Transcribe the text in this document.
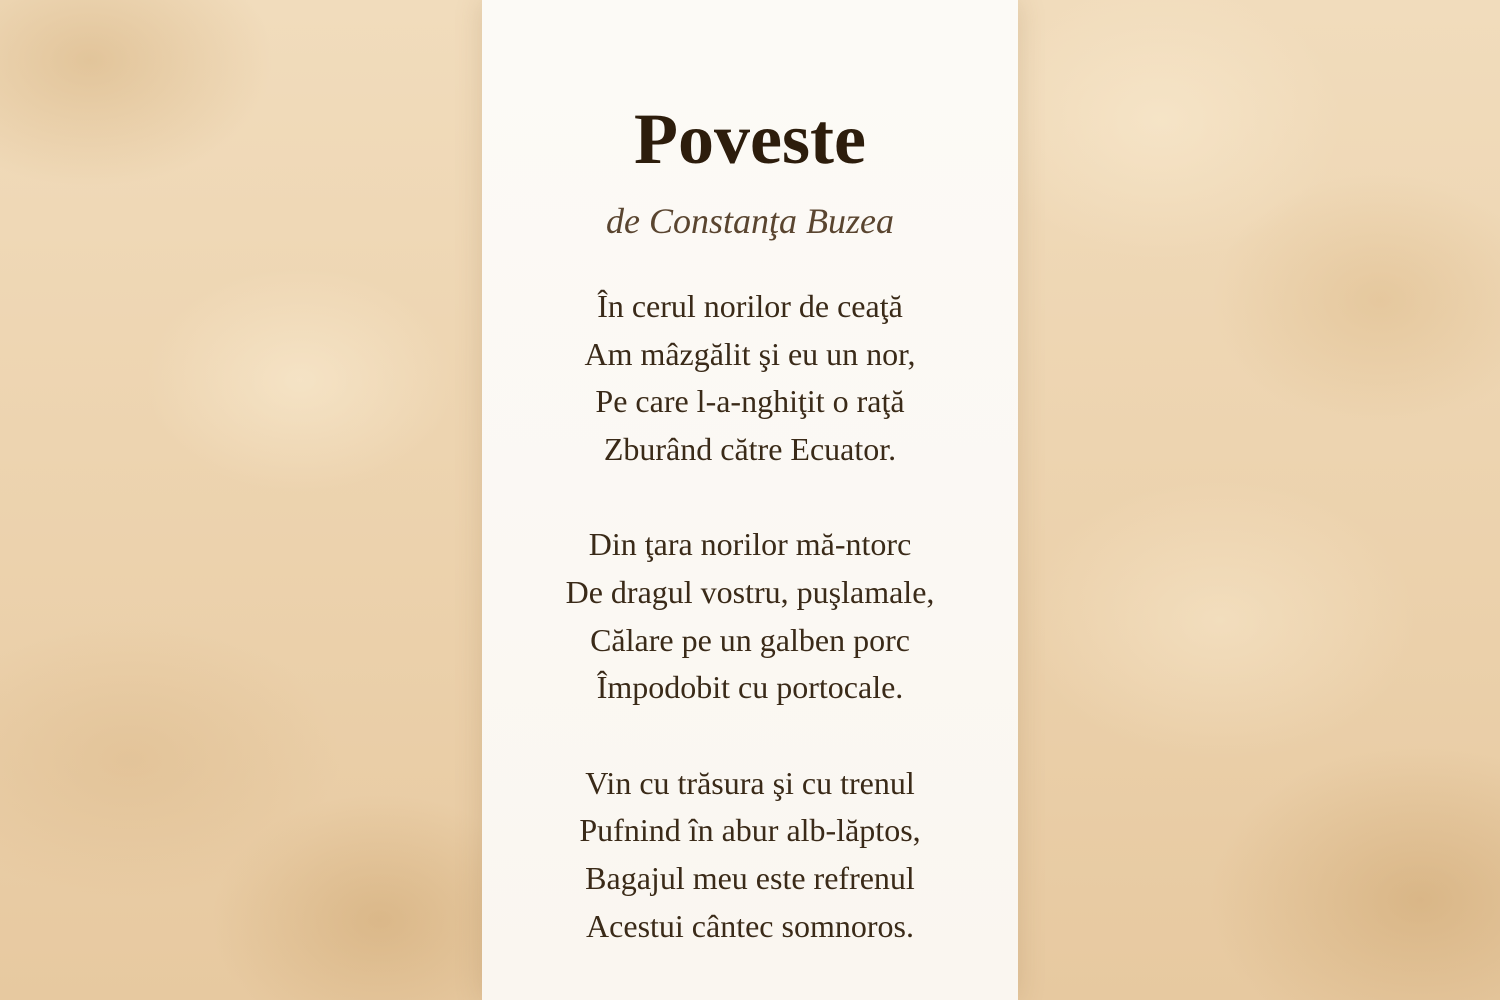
Poveste

de Constanţa Buzea

În cerul norilor de ceaţă
Am mâzgălit şi eu un nor,
Pe care l-a-nghiţit o raţă
Zburând către Ecuator.
Din ţara norilor mă-ntorc
De dragul vostru, puşlamale,
Călare pe un galben porc
Împodobit cu portocale.
Vin cu trăsura şi cu trenul
Pufnind în abur alb-lăptos,
Bagajul meu este refrenul
Acestui cântec somnoros.
